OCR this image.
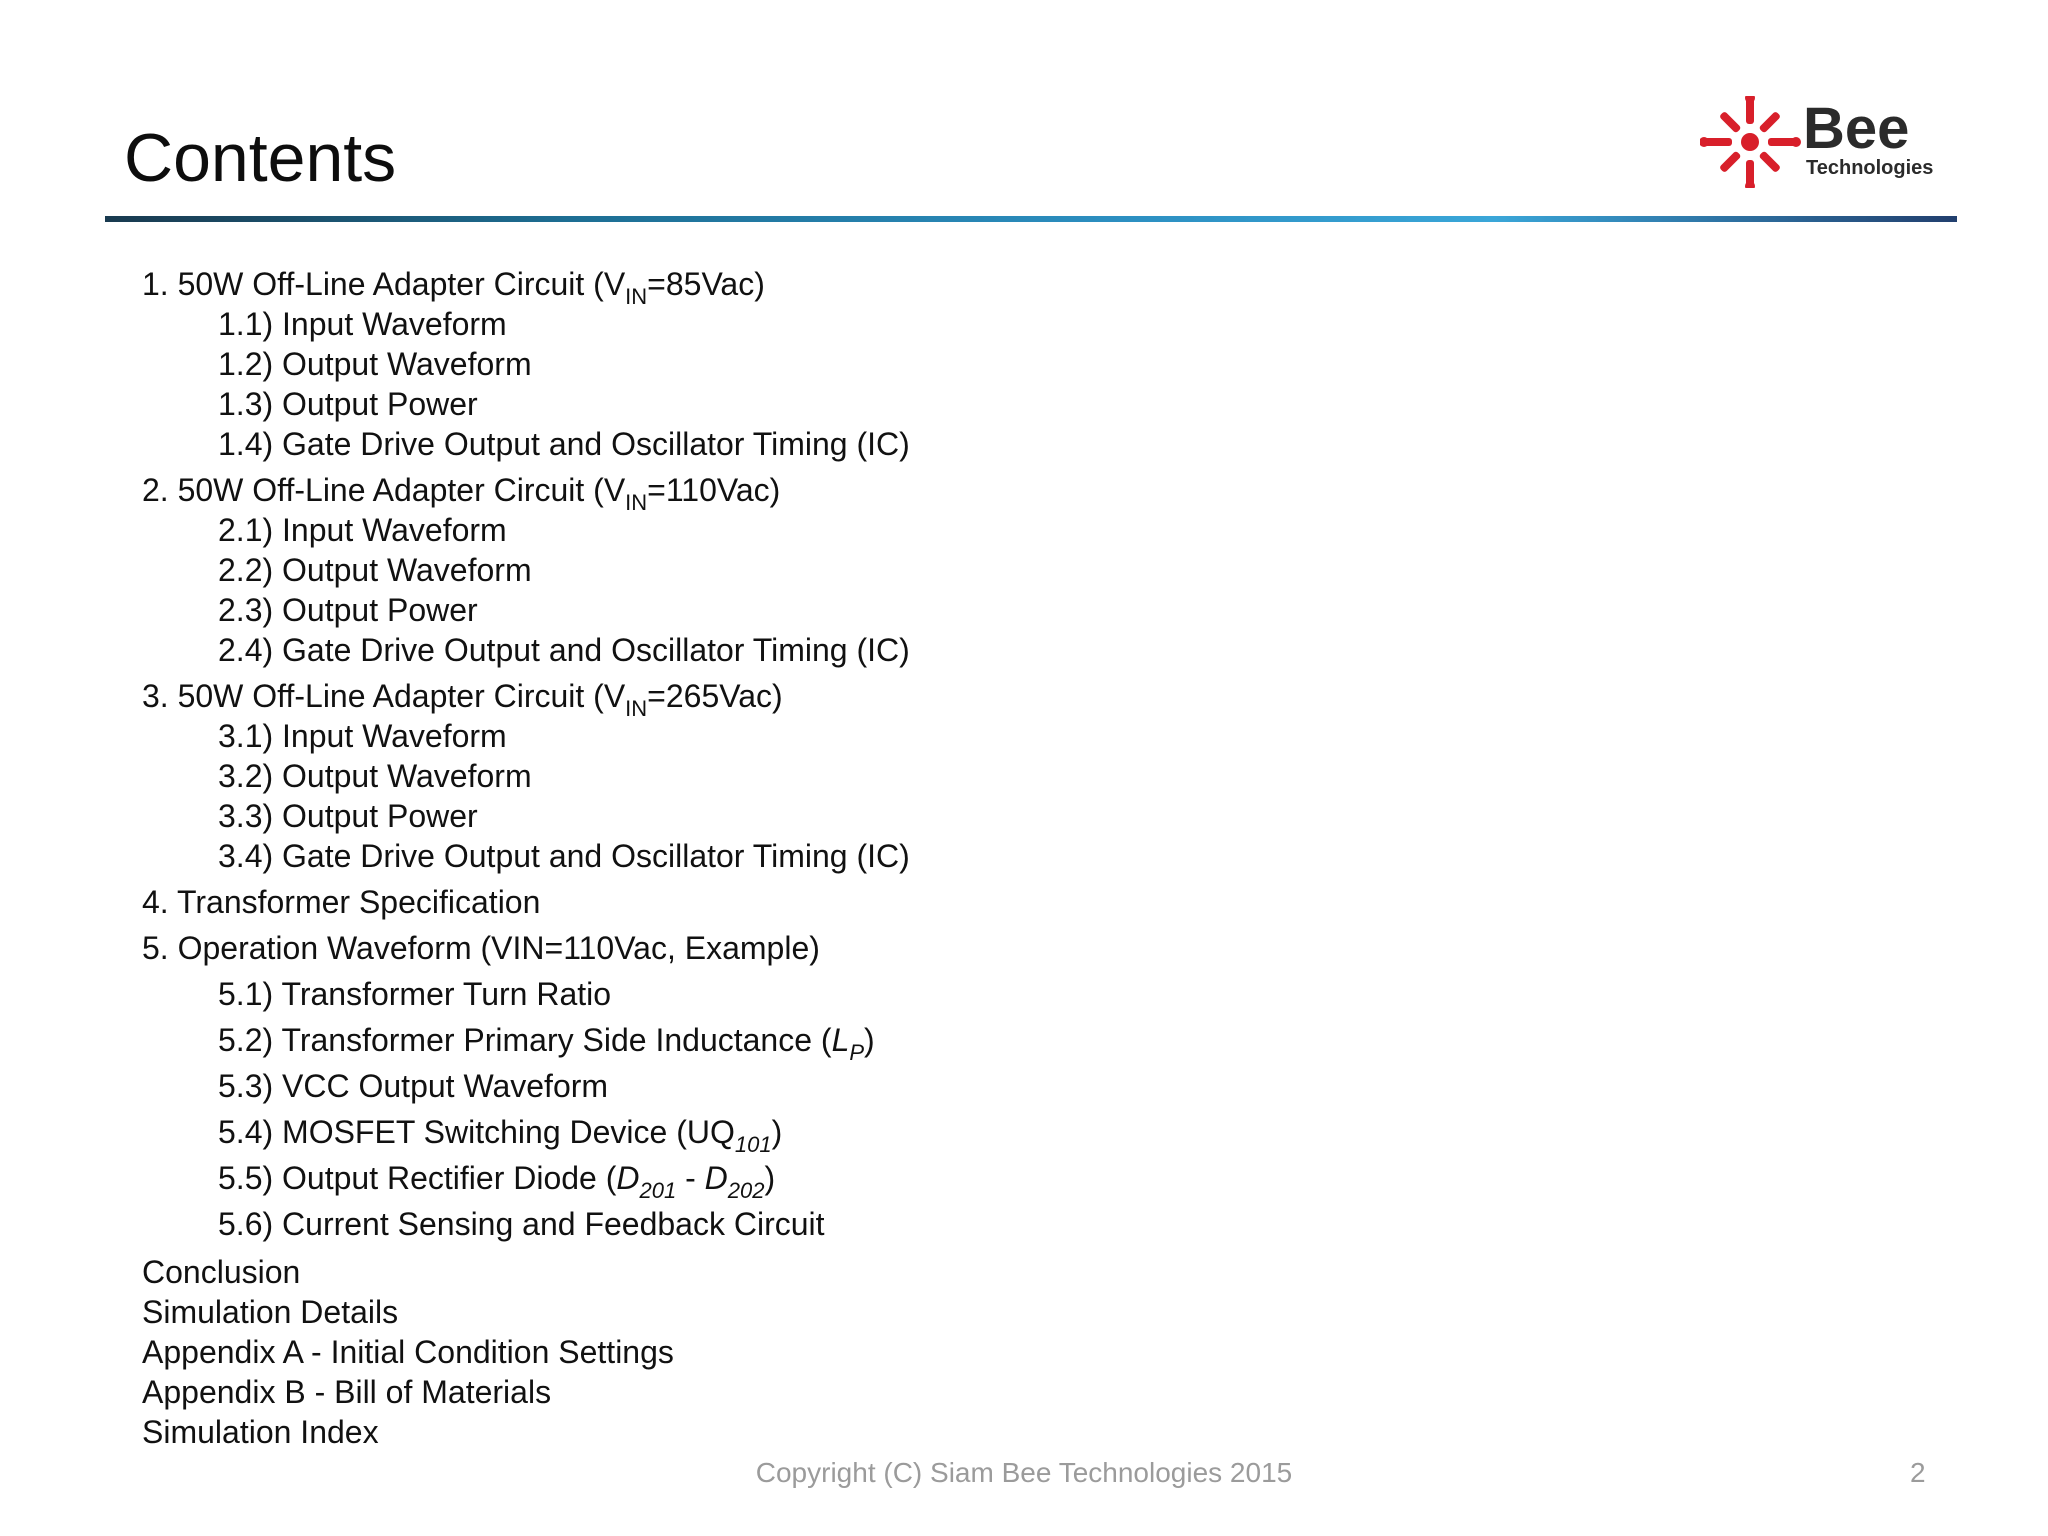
Contents	Bee
Technologies
1. 50W Off-Line Adapter Circuit $(V_{IN}=85Vac)$
1.1) Input Waveform
1.2) Output Waveform
1.3) Output Power
1.4) Gate Drive Output and Oscillator Timing (IC)
2. 50W Off-Line Adapter Circuit $(V_{IN}=110Vac)$
2.1) Input Waveform
2.2) Output Waveform
2.3) Output Power
2.4) Gate Drive Output and Oscillator Timing (IC)
3. 50W Off-Line Adapter Circuit $(V_{IN}=265Vac)$
3.1) Input Waveform
3.2) Output Waveform
3.3) Output Power
3.4) Gate Drive Output and Oscillator Timing (IC)
4. Transformer Specification
5. Operation Waveform (VIN=110Vac, Example)
5.1) Transformer Turn Ratio
5.2) Transformer Primary Side Inductance $(L_P)$
5.3) VCC Output Waveform
5.4) MOSFET Switching Device $(UQ_{101})$
5.5) Output Rectifier Diode $(D_{201} - D_{202})$
5.6) Current Sensing and Feedback Circuit
Conclusion
Simulation Details
Appendix A - Initial Condition Settings
Appendix B - Bill of Materials
Simulation Index
Copyright (C) Siam Bee Technologies 2015	2
